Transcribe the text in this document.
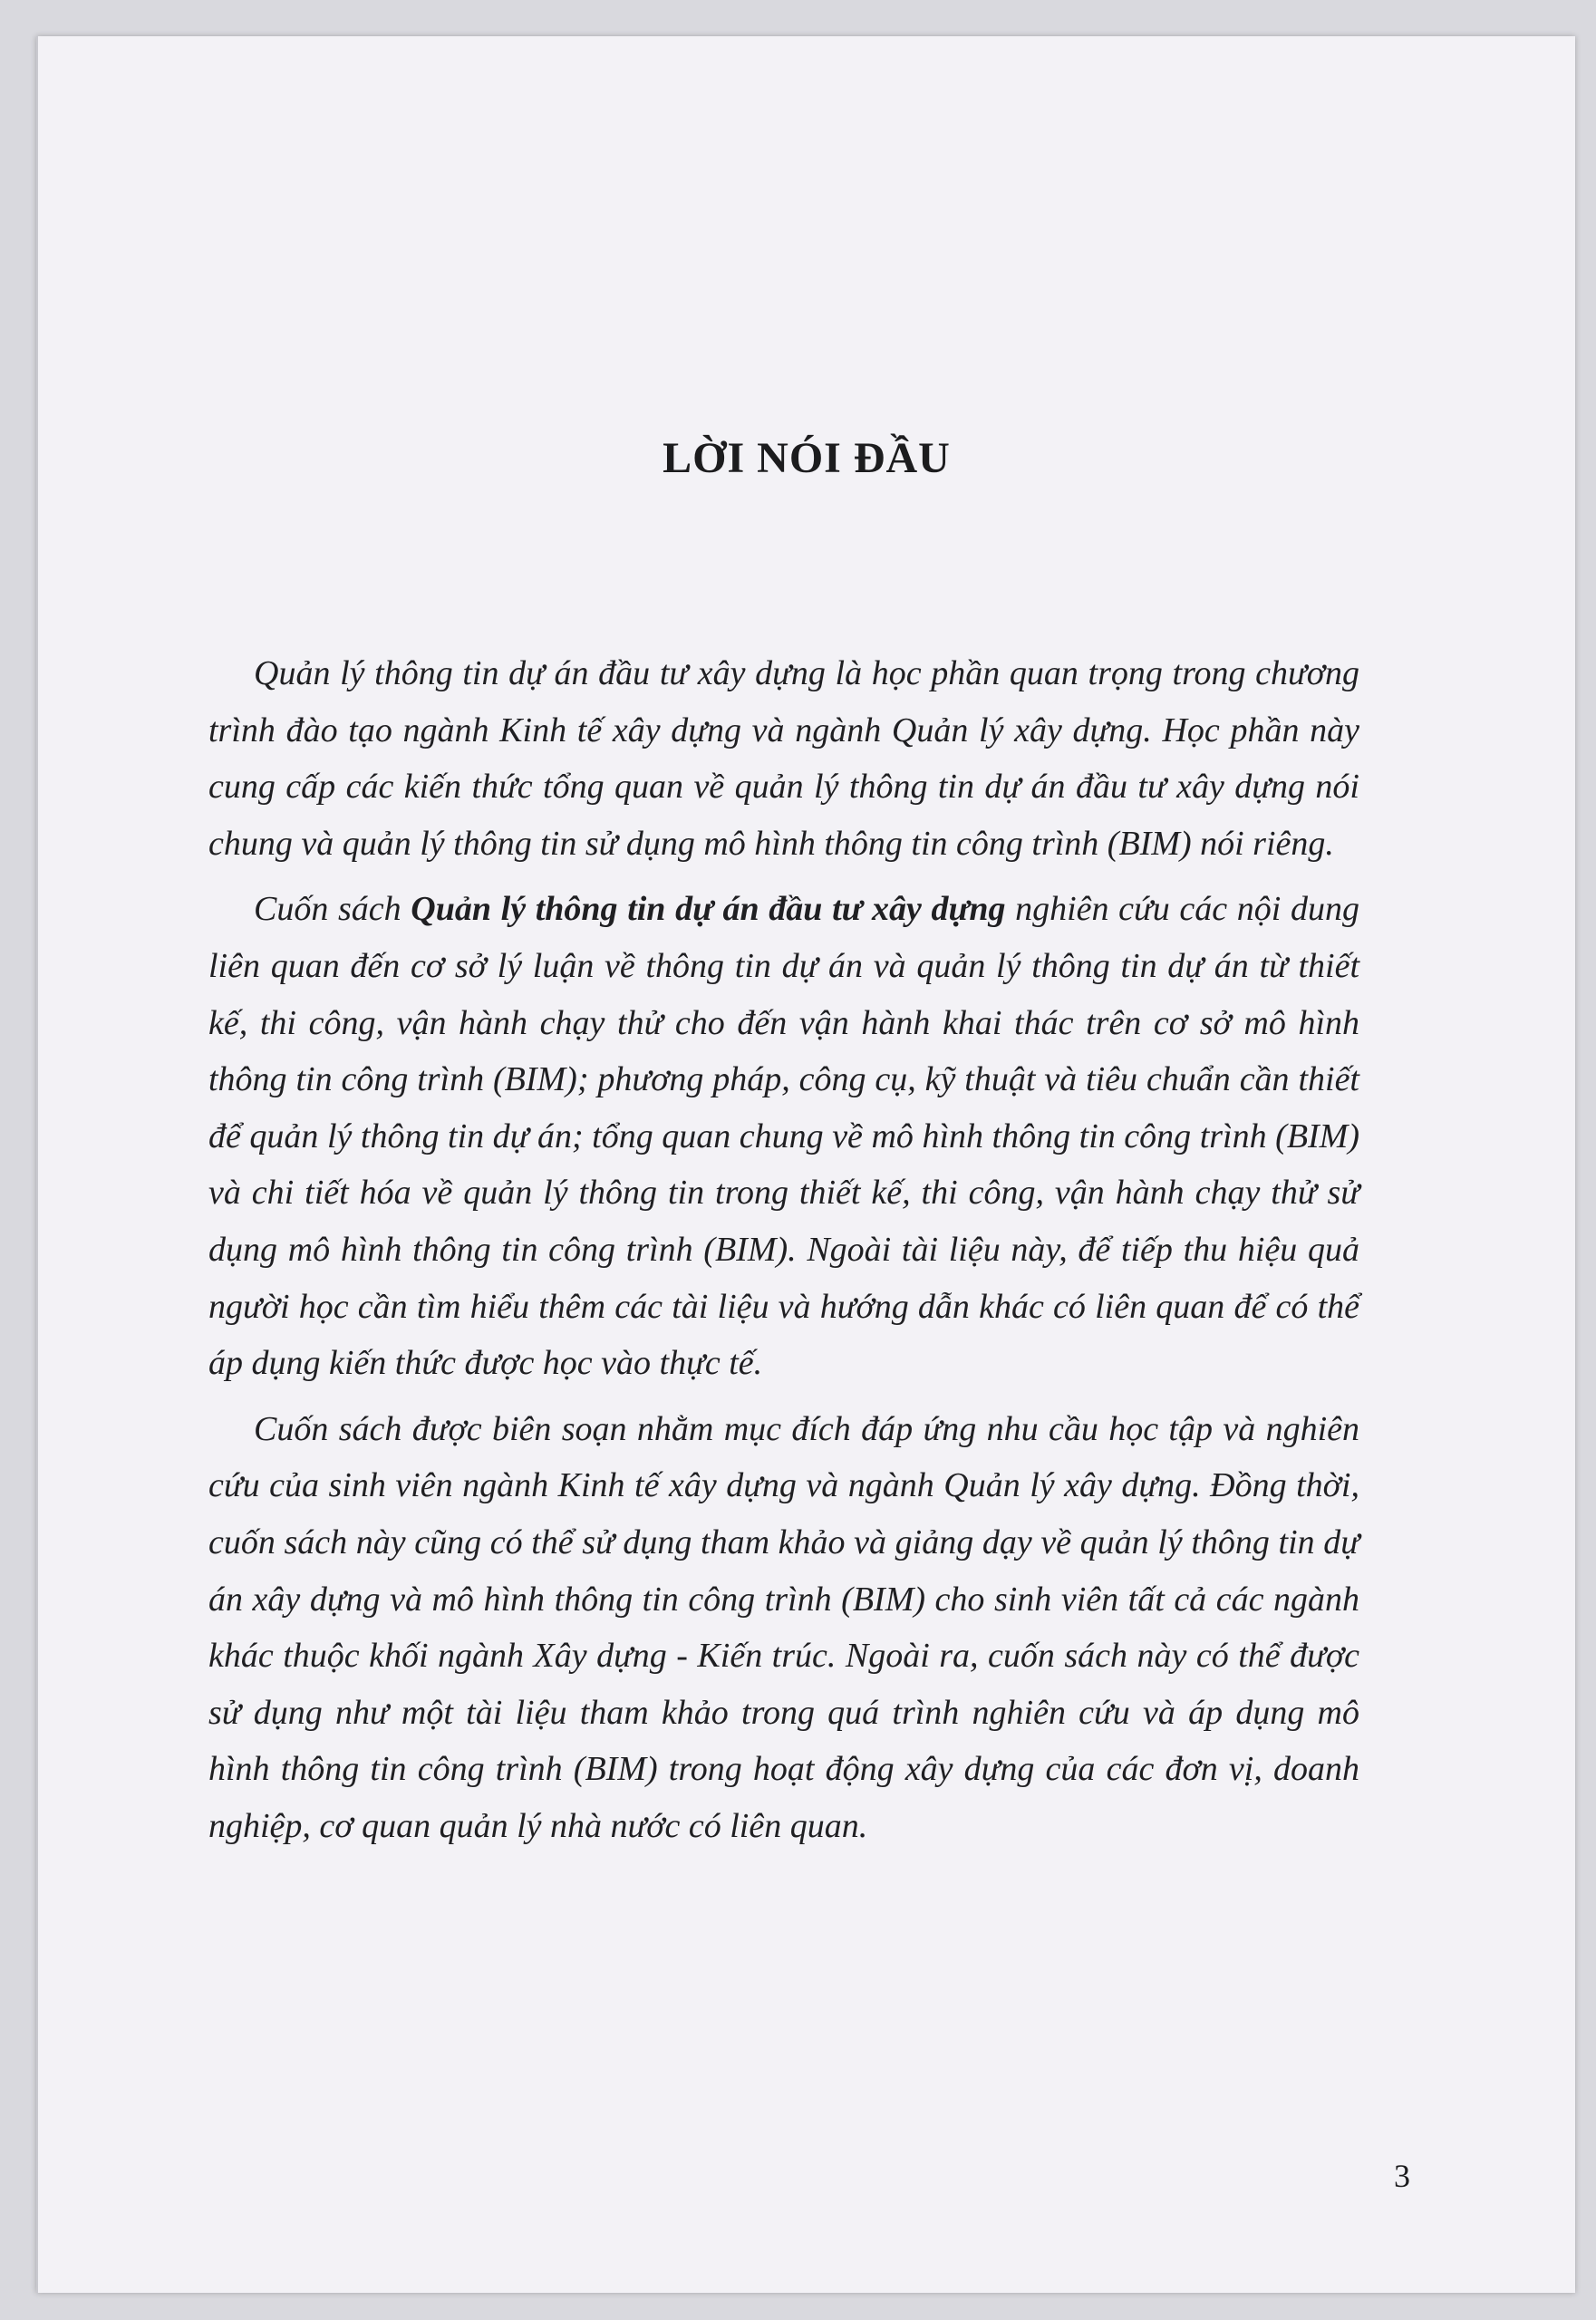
LỜI NÓI ĐẦU

Quản lý thông tin dự án đầu tư xây dựng là học phần quan trọng trong chương trình đào tạo ngành Kinh tế xây dựng và ngành Quản lý xây dựng. Học phần này cung cấp các kiến thức tổng quan về quản lý thông tin dự án đầu tư xây dựng nói chung và quản lý thông tin sử dụng mô hình thông tin công trình (BIM) nói riêng.

Cuốn sách Quản lý thông tin dự án đầu tư xây dựng nghiên cứu các nội dung liên quan đến cơ sở lý luận về thông tin dự án và quản lý thông tin dự án từ thiết kế, thi công, vận hành chạy thử cho đến vận hành khai thác trên cơ sở mô hình thông tin công trình (BIM); phương pháp, công cụ, kỹ thuật và tiêu chuẩn cần thiết để quản lý thông tin dự án; tổng quan chung về mô hình thông tin công trình (BIM) và chi tiết hóa về quản lý thông tin trong thiết kế, thi công, vận hành chạy thử sử dụng mô hình thông tin công trình (BIM). Ngoài tài liệu này, để tiếp thu hiệu quả người học cần tìm hiểu thêm các tài liệu và hướng dẫn khác có liên quan để có thể áp dụng kiến thức được học vào thực tế.

Cuốn sách được biên soạn nhằm mục đích đáp ứng nhu cầu học tập và nghiên cứu của sinh viên ngành Kinh tế xây dựng và ngành Quản lý xây dựng. Đồng thời, cuốn sách này cũng có thể sử dụng tham khảo và giảng dạy về quản lý thông tin dự án xây dựng và mô hình thông tin công trình (BIM) cho sinh viên tất cả các ngành khác thuộc khối ngành Xây dựng - Kiến trúc. Ngoài ra, cuốn sách này có thể được sử dụng như một tài liệu tham khảo trong quá trình nghiên cứu và áp dụng mô hình thông tin công trình (BIM) trong hoạt động xây dựng của các đơn vị, doanh nghiệp, cơ quan quản lý nhà nước có liên quan.

3
